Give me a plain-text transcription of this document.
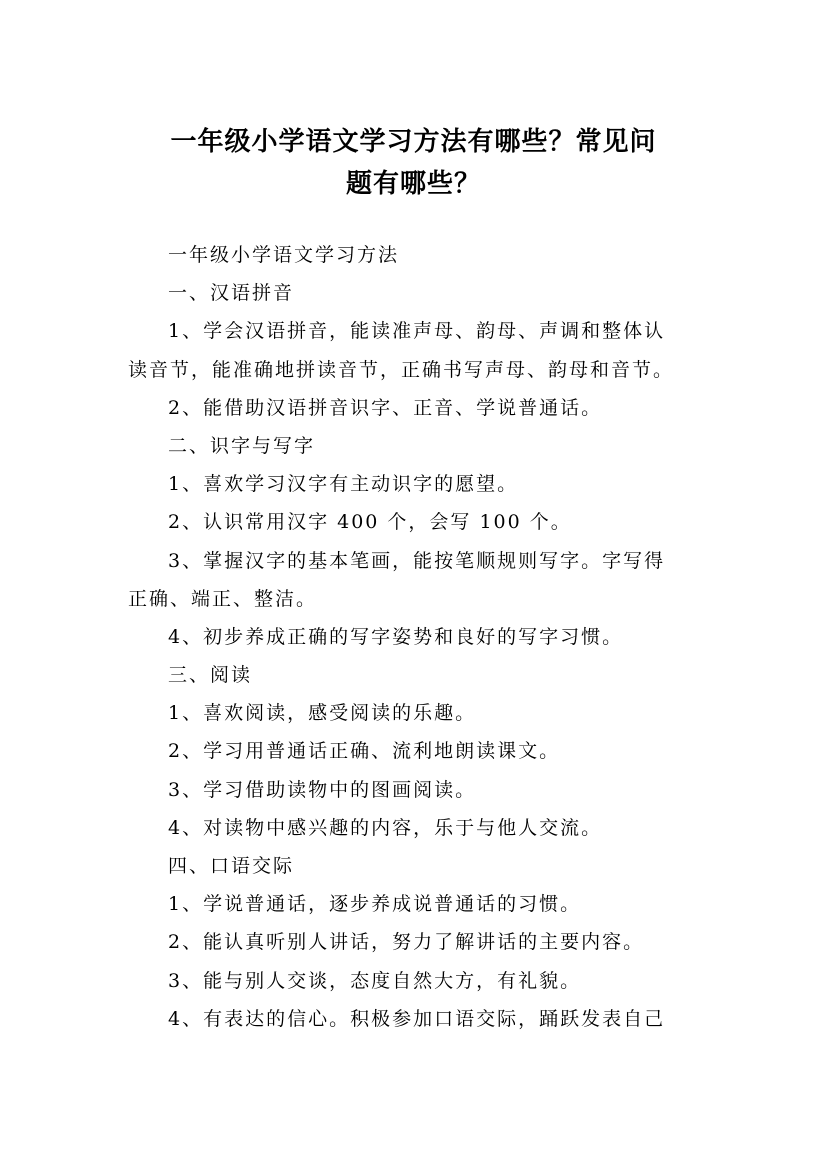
一年级小学语文学习方法有哪些？常见问
题有哪些？
一年级小学语文学习方法
一、汉语拼音
1、学会汉语拼音，能读准声母、韵母、声调和整体认
读音节，能准确地拼读音节，正确书写声母、韵母和音节。
2、能借助汉语拼音识字、正音、学说普通话。
二、识字与写字
1、喜欢学习汉字有主动识字的愿望。
2、认识常用汉字 400 个，会写 100 个。
3、掌握汉字的基本笔画，能按笔顺规则写字。字写得
正确、端正、整洁。
4、初步养成正确的写字姿势和良好的写字习惯。
三、阅读
1、喜欢阅读，感受阅读的乐趣。
2、学习用普通话正确、流利地朗读课文。
3、学习借助读物中的图画阅读。
4、对读物中感兴趣的内容，乐于与他人交流。
四、口语交际
1、学说普通话，逐步养成说普通话的习惯。
2、能认真听别人讲话，努力了解讲话的主要内容。
3、能与别人交谈，态度自然大方，有礼貌。
4、有表达的信心。积极参加口语交际，踊跃发表自己
